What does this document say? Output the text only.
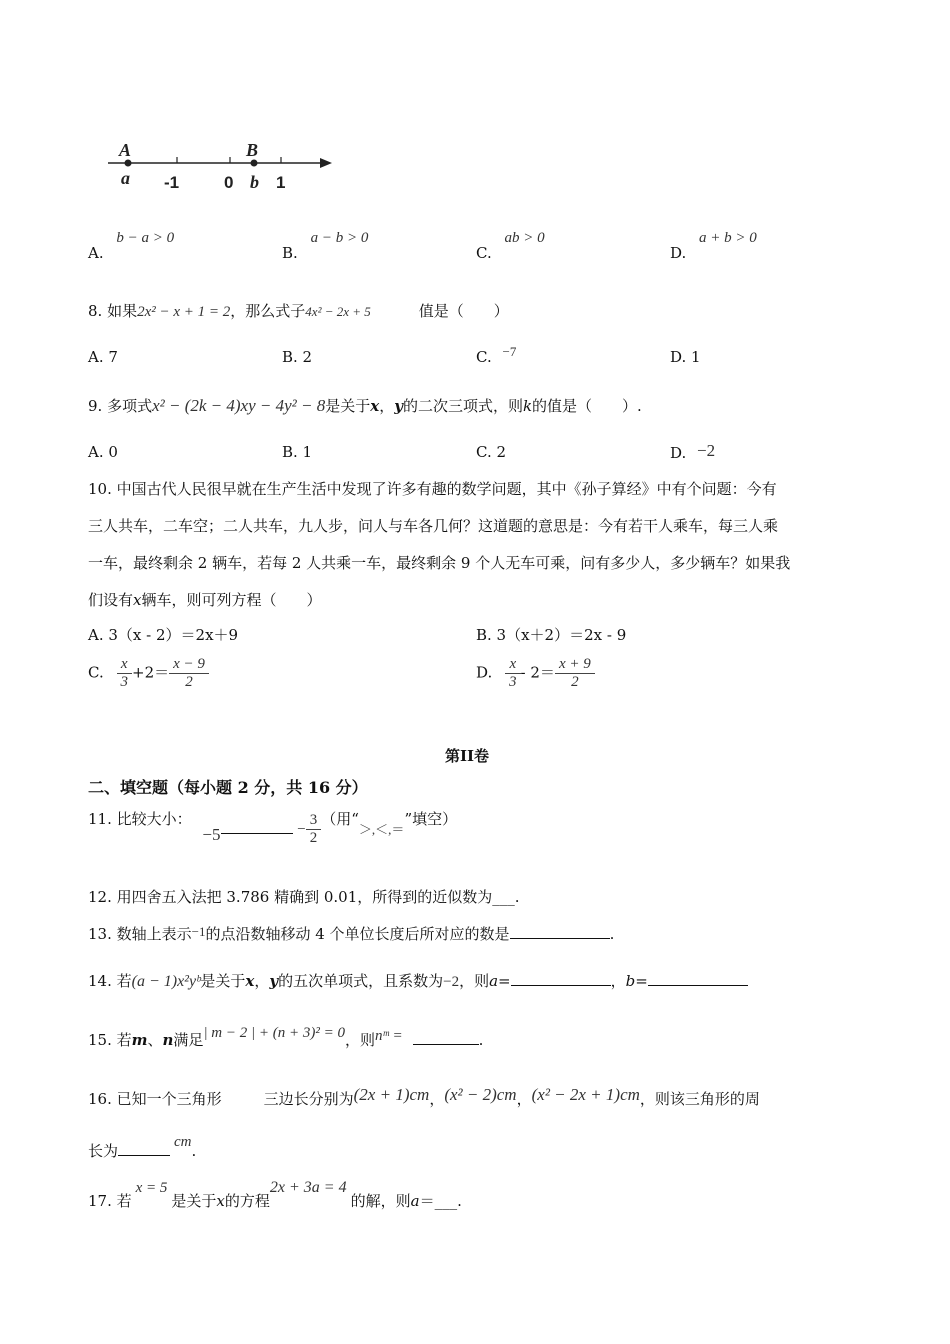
A	B
a -1	0 b 1
A. b − a > 0
B. a − b > 0
C. ab > 0
D. a + b > 0
8. 如果2x² − x + 1 = 2，那么式子4x² − 2x + 5	值是（　　）
A. 7	B. 2	C. −7	D. 1
9. 多项式x² − (2k − 4)xy − 4y² − 8是关于x，y的二次三项式，则k的值是（　　）.
A. 0	B. 1	C. 2	D. −2
10. 中国古代人民很早就在生产生活中发现了许多有趣的数学问题，其中《孙子算经》中有个问题：今有
三人共车，二车空；二人共车，九人步，问人与车各几何？这道题的意思是：今有若干人乘车，每三人乘
一车，最终剩余 2 辆车，若每 2 人共乘一车，最终剩余 9 个人无车可乘，问有多少人，多少辆车？如果我
们设有x辆车，则可列方程（　　）
A. 3（x - 2）＝2x＋9	B. 3（x＋2）＝2x - 9
C. $\frac{x}{3} +2= \frac{x - 9}{2}$	D. $\frac{x}{3} - 2= \frac{x + 9}{2}$
第II卷
二、填空题（每小题 2 分，共 16 分）
11. 比较大小： −5	− $\frac{3}{2}$ （用“＞,＜,＝”填空）
12. 用四舍五入法把 3.786 精确到 0.01，所得到的近似数为___.
13. 数轴上表示−1的点沿数轴移动 4 个单位长度后所对应的数是	.
14. 若(a − 1)x²yᵇ是关于x，y的五次单项式，且系数为−2，则a=	，b=
15. 若m、n满足| m − 2 | + (n + 3)² = 0，则nᵐ =	.
16. 已知一个三角形	三边长分别为(2x + 1)cm，(x² − 2)cm，(x² − 2x + 1)cm，则该三角形的周
长为	cm.
17. 若x = 5是关于x的方程2x + 3a = 4的解，则a＝___.
